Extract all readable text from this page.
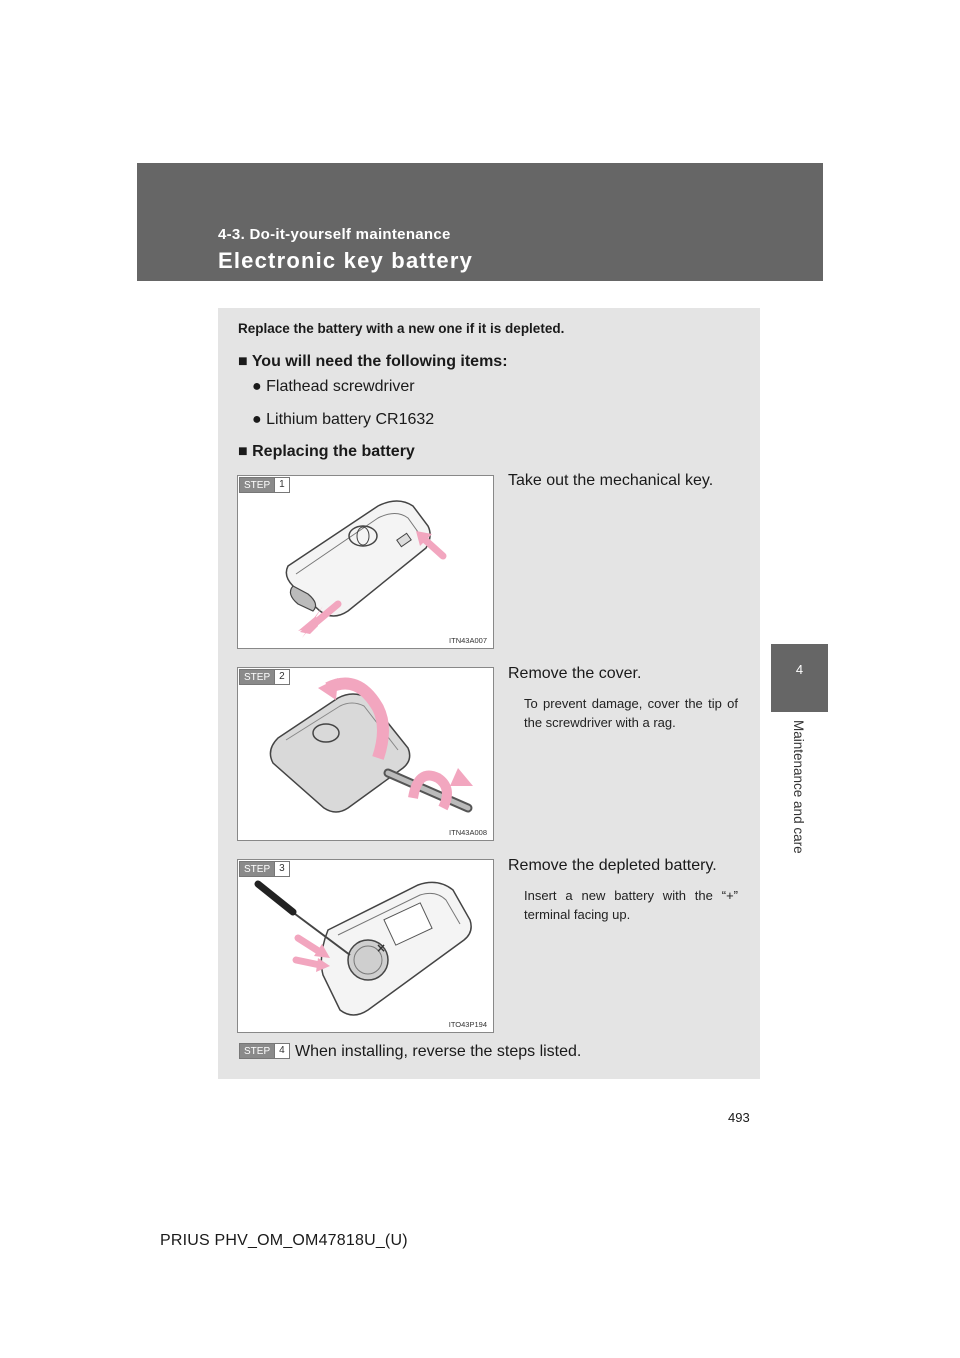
4-3. Do-it-yourself maintenance
Electronic key battery
4
Maintenance and care
Replace the battery with a new one if it is depleted.
■ You will need the following items:
● Flathead screwdriver
● Lithium battery CR1632
■ Replacing the battery
ITN43A007
STEP 1	Take out the mechanical key.
ITN43A008
STEP 2	Remove the cover.
To prevent damage, cover the tip of the screwdriver with a rag.
×
ITO43P194
STEP 3	Remove the depleted battery.
Insert a new battery with the “+” terminal facing up.
STEP 4 When installing, reverse the steps listed.
493
PRIUS PHV_OM_OM47818U_(U)
